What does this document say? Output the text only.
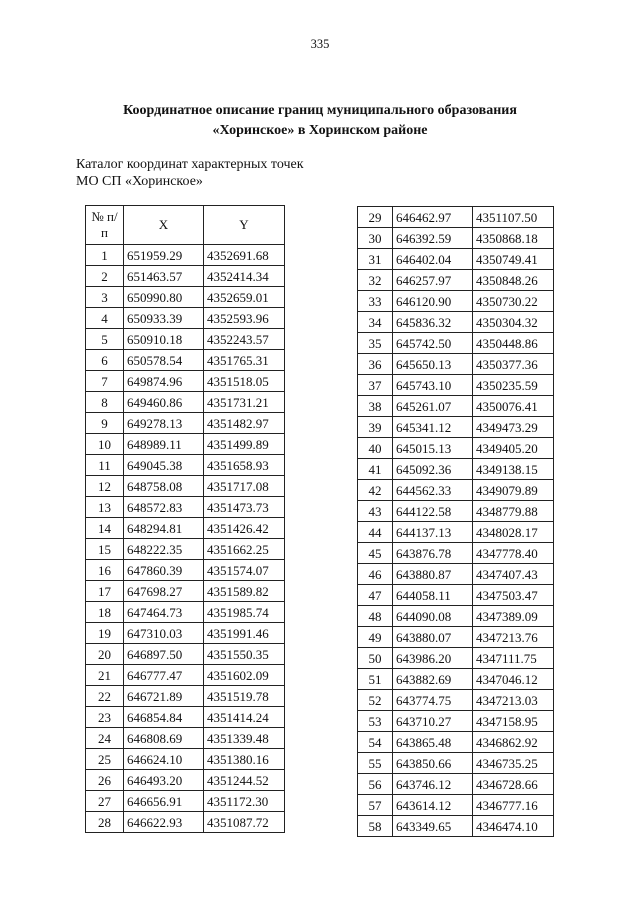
335
Координатное описание границ муниципального образования
«Хоринское» в Хоринском районе
Каталог координат характерных точек
МО СП «Хоринское»
№ п/п	X	Y
1	651959.29	4352691.68
2	651463.57	4352414.34
3	650990.80	4352659.01
4	650933.39	4352593.96
5	650910.18	4352243.57
6	650578.54	4351765.31
7	649874.96	4351518.05
8	649460.86	4351731.21
9	649278.13	4351482.97
10	648989.11	4351499.89
11	649045.38	4351658.93
12	648758.08	4351717.08
13	648572.83	4351473.73
14	648294.81	4351426.42
15	648222.35	4351662.25
16	647860.39	4351574.07
17	647698.27	4351589.82
18	647464.73	4351985.74
19	647310.03	4351991.46
20	646897.50	4351550.35
21	646777.47	4351602.09
22	646721.89	4351519.78
23	646854.84	4351414.24
24	646808.69	4351339.48
25	646624.10	4351380.16
26	646493.20	4351244.52
27	646656.91	4351172.30
28	646622.93	4351087.72
29	646462.97	4351107.50
30	646392.59	4350868.18
31	646402.04	4350749.41
32	646257.97	4350848.26
33	646120.90	4350730.22
34	645836.32	4350304.32
35	645742.50	4350448.86
36	645650.13	4350377.36
37	645743.10	4350235.59
38	645261.07	4350076.41
39	645341.12	4349473.29
40	645015.13	4349405.20
41	645092.36	4349138.15
42	644562.33	4349079.89
43	644122.58	4348779.88
44	644137.13	4348028.17
45	643876.78	4347778.40
46	643880.87	4347407.43
47	644058.11	4347503.47
48	644090.08	4347389.09
49	643880.07	4347213.76
50	643986.20	4347111.75
51	643882.69	4347046.12
52	643774.75	4347213.03
53	643710.27	4347158.95
54	643865.48	4346862.92
55	643850.66	4346735.25
56	643746.12	4346728.66
57	643614.12	4346777.16
58	643349.65	4346474.10
